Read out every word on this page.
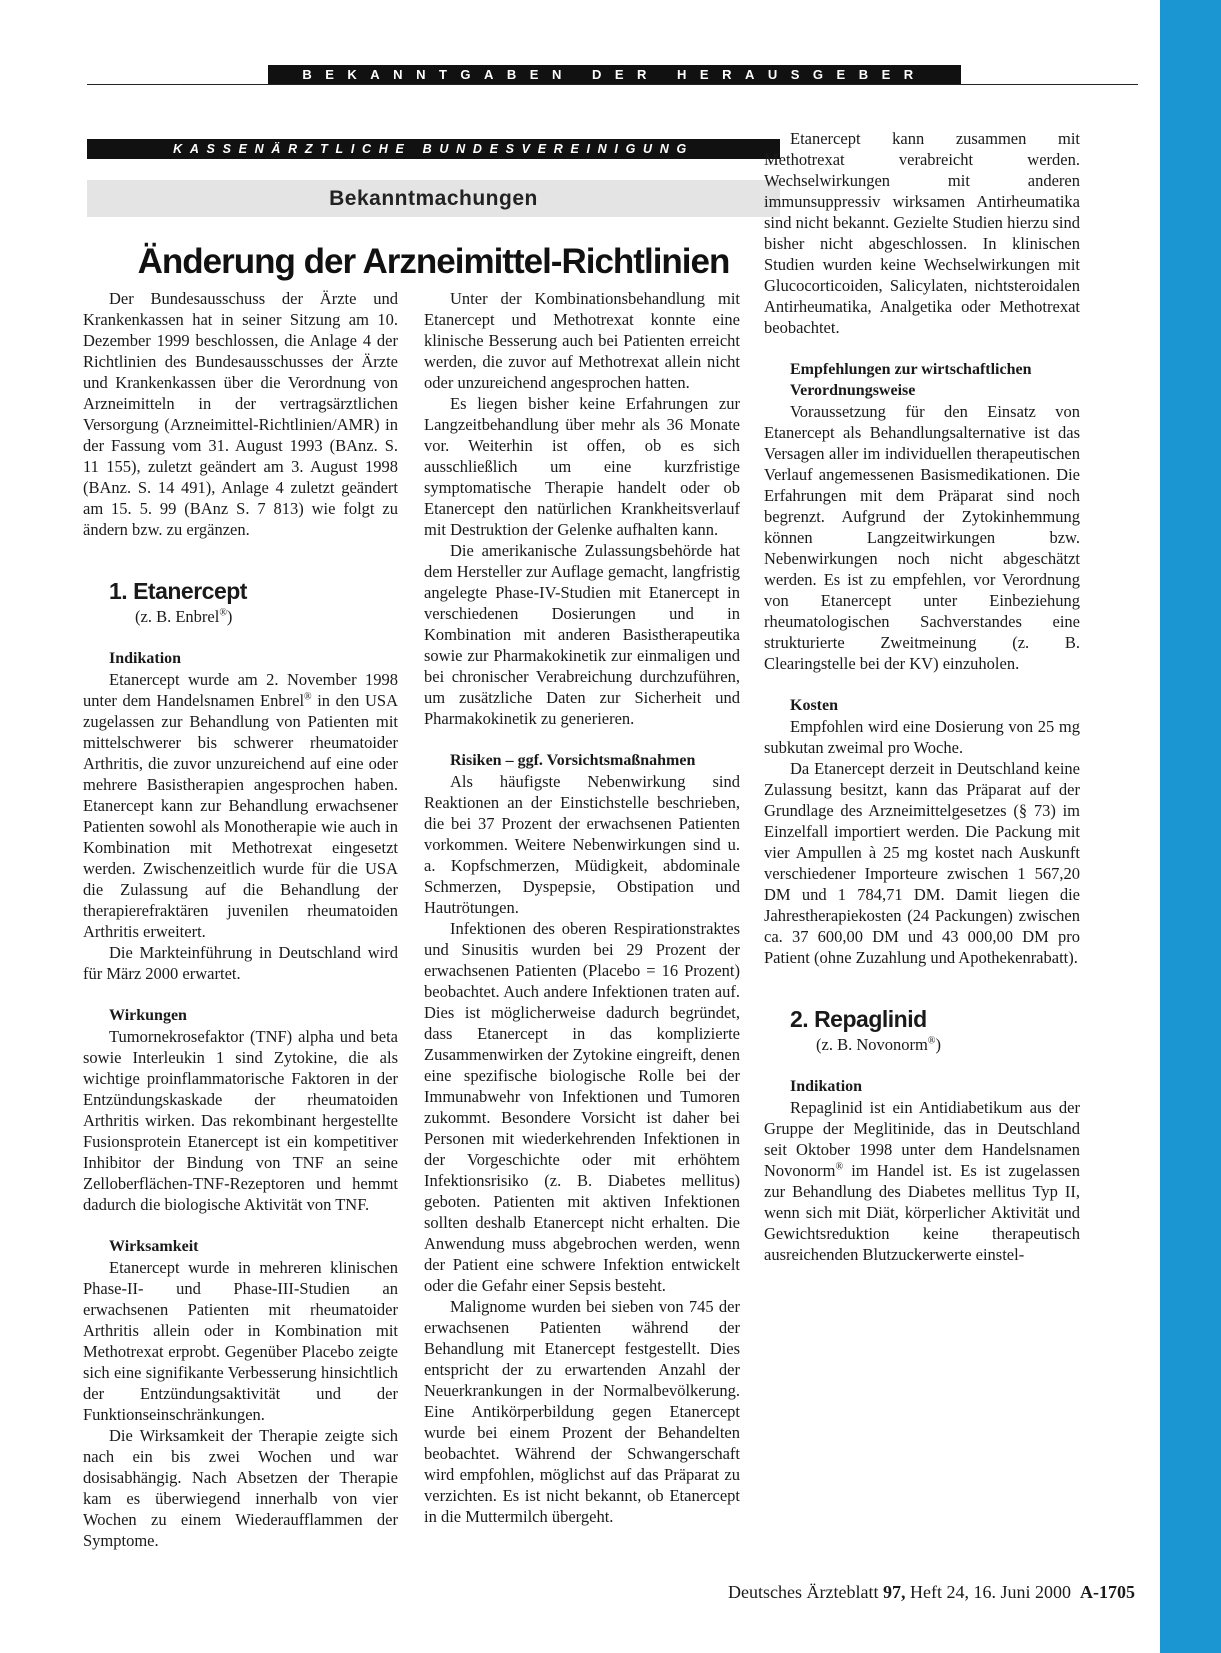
BEKANNTGABEN DER HERAUSGEBER
KASSENÄRZTLICHE BUNDESVEREINIGUNG
Bekanntmachungen
Änderung der Arzneimittel-Richtlinien

Der Bundesausschuss der Ärzte und Krankenkassen hat in seiner Sitzung am 10. Dezember 1999 beschlossen, die Anlage 4 der Richtlinien des Bundesausschusses der Ärzte und Krankenkassen über die Verordnung von Arzneimitteln in der vertragsärztlichen Versorgung (Arzneimittel-Richtlinien/AMR) in der Fassung vom 31. August 1993 (BAnz. S. 11 155), zuletzt geändert am 3. August 1998 (BAnz. S. 14 491), Anlage 4 zuletzt geändert am 15. 5. 99 (BAnz S. 7 813) wie folgt zu ändern bzw. zu ergänzen.

1. Etanercept

(z. B. Enbrel®)

Indikation

Etanercept wurde am 2. November 1998 unter dem Handelsnamen Enbrel® in den USA zugelassen zur Behandlung von Patienten mit mittelschwerer bis schwerer rheumatoider Arthritis, die zuvor unzureichend auf eine oder mehrere Basistherapien angesprochen haben. Etanercept kann zur Behandlung erwachsener Patienten sowohl als Monotherapie wie auch in Kombination mit Methotrexat eingesetzt werden. Zwischenzeitlich wurde für die USA die Zulassung auf die Behandlung der therapierefraktären juvenilen rheumatoiden Arthritis erweitert.

Die Markteinführung in Deutschland wird für März 2000 erwartet.

Wirkungen

Tumornekrosefaktor (TNF) alpha und beta sowie Interleukin 1 sind Zytokine, die als wichtige proinflammatorische Faktoren in der Entzündungskaskade der rheumatoiden Arthritis wirken. Das rekombinant hergestellte Fusionsprotein Etanercept ist ein kompetitiver Inhibitor der Bindung von TNF an seine Zelloberflächen-TNF-Rezeptoren und hemmt dadurch die biologische Aktivität von TNF.

Wirksamkeit

Etanercept wurde in mehreren klinischen Phase-II- und Phase-III-Studien an erwachsenen Patienten mit rheumatoider Arthritis allein oder in Kombination mit Methotrexat erprobt. Gegenüber Placebo zeigte sich eine signifikante Verbesserung hinsichtlich der Entzündungsaktivität und der Funktionseinschränkungen.

Die Wirksamkeit der Therapie zeigte sich nach ein bis zwei Wochen und war dosisabhängig. Nach Absetzen der Therapie kam es überwiegend innerhalb von vier Wochen zu einem Wiederaufflammen der Symptome.

Unter der Kombinationsbehandlung mit Etanercept und Methotrexat konnte eine klinische Besserung auch bei Patienten erreicht werden, die zuvor auf Methotrexat allein nicht oder unzureichend angesprochen hatten.

Es liegen bisher keine Erfahrungen zur Langzeitbehandlung über mehr als 36 Monate vor. Weiterhin ist offen, ob es sich ausschließlich um eine kurzfristige symptomatische Therapie handelt oder ob Etanercept den natürlichen Krankheitsverlauf mit Destruktion der Gelenke aufhalten kann.

Die amerikanische Zulassungsbehörde hat dem Hersteller zur Auflage gemacht, langfristig angelegte Phase-IV-Studien mit Etanercept in verschiedenen Dosierungen und in Kombination mit anderen Basistherapeutika sowie zur Pharmakokinetik zur einmaligen und bei chronischer Verabreichung durchzuführen, um zusätzliche Daten zur Sicherheit und Pharmakokinetik zu generieren.

Risiken – ggf. Vorsichtsmaßnahmen

Als häufigste Nebenwirkung sind Reaktionen an der Einstichstelle beschrieben, die bei 37 Prozent der erwachsenen Patienten vorkommen. Weitere Nebenwirkungen sind u. a. Kopfschmerzen, Müdigkeit, abdominale Schmerzen, Dyspepsie, Obstipation und Hautrötungen.

Infektionen des oberen Respirationstraktes und Sinusitis wurden bei 29 Prozent der erwachsenen Patienten (Placebo = 16 Prozent) beobachtet. Auch andere Infektionen traten auf. Dies ist möglicherweise dadurch begründet, dass Etanercept in das komplizierte Zusammenwirken der Zytokine eingreift, denen eine spezifische biologische Rolle bei der Immunabwehr von Infektionen und Tumoren zukommt. Besondere Vorsicht ist daher bei Personen mit wiederkehrenden Infektionen in der Vorgeschichte oder mit erhöhtem Infektionsrisiko (z. B. Diabetes mellitus) geboten. Patienten mit aktiven Infektionen sollten deshalb Etanercept nicht erhalten. Die Anwendung muss abgebrochen werden, wenn der Patient eine schwere Infektion entwickelt oder die Gefahr einer Sepsis besteht.

Malignome wurden bei sieben von 745 der erwachsenen Patienten während der Behandlung mit Etanercept festgestellt. Dies entspricht der zu erwartenden Anzahl der Neuerkrankungen in der Normalbevölkerung. Eine Antikörperbildung gegen Etanercept wurde bei einem Prozent der Behandelten beobachtet. Während der Schwangerschaft wird empfohlen, möglichst auf das Präparat zu verzichten. Es ist nicht bekannt, ob Etanercept in die Muttermilch übergeht.

Etanercept kann zusammen mit Methotrexat verabreicht werden. Wechselwirkungen mit anderen immunsuppressiv wirksamen Antirheumatika sind nicht bekannt. Gezielte Studien hierzu sind bisher nicht abgeschlossen. In klinischen Studien wurden keine Wechselwirkungen mit Glucocorticoiden, Salicylaten, nichtsteroidalen Antirheumatika, Analgetika oder Methotrexat beobachtet.

Empfehlungen zur wirtschaftlichen
Verordnungsweise

Voraussetzung für den Einsatz von Etanercept als Behandlungsalternative ist das Versagen aller im individuellen therapeutischen Verlauf angemessenen Basismedikationen. Die Erfahrungen mit dem Präparat sind noch begrenzt. Aufgrund der Zytokinhemmung können Langzeitwirkungen bzw. Nebenwirkungen noch nicht abgeschätzt werden. Es ist zu empfehlen, vor Verordnung von Etanercept unter Einbeziehung rheumatologischen Sachverstandes eine strukturierte Zweitmeinung (z. B. Clearingstelle bei der KV) einzuholen.

Kosten

Empfohlen wird eine Dosierung von 25 mg subkutan zweimal pro Woche.

Da Etanercept derzeit in Deutschland keine Zulassung besitzt, kann das Präparat auf der Grundlage des Arzneimittelgesetzes (§ 73) im Einzelfall importiert werden. Die Packung mit vier Ampullen à 25 mg kostet nach Auskunft verschiedener Importeure zwischen 1 567,20 DM und 1 784,71 DM. Damit liegen die Jahrestherapiekosten (24 Packungen) zwischen ca. 37 600,00 DM und 43 000,00 DM pro Patient (ohne Zuzahlung und Apothekenrabatt).

2. Repaglinid

(z. B. Novonorm®)

Indikation

Repaglinid ist ein Antidiabetikum aus der Gruppe der Meglitinide, das in Deutschland seit Oktober 1998 unter dem Handelsnamen Novonorm® im Handel ist. Es ist zugelassen zur Behandlung des Diabetes mellitus Typ II, wenn sich mit Diät, körperlicher Aktivität und Gewichtsreduktion keine therapeutisch ausreichenden Blutzuckerwerte einstel-

Deutsches Ärzteblatt 97, Heft 24, 16. Juni 2000 A-1705
